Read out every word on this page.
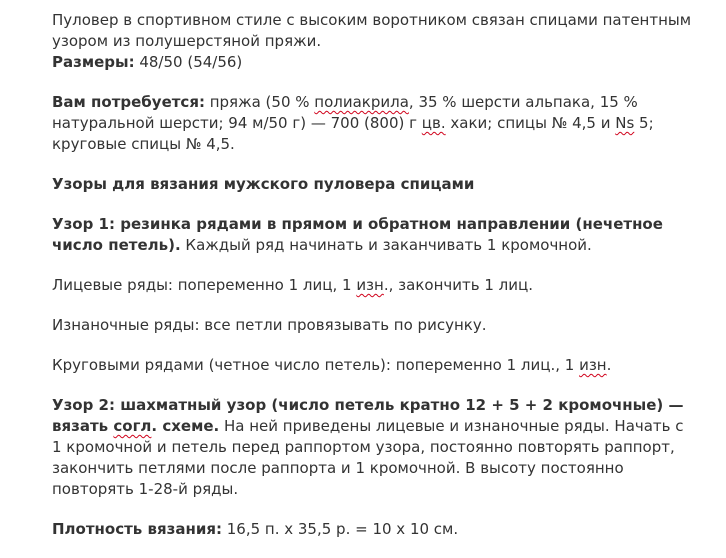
Пуловер в спортивном стиле с высоким воротником связан спицами патентным узором из полушерстяной пряжи.
Размеры: 48/50 (54/56)

Вам потребуется: пряжа (50 % полиакрила, 35 % шерсти альпака, 15 % натуральной шерсти; 94 м/50 г) — 700 (800) г цв. хаки; спицы № 4,5 и Ns 5; круговые спицы № 4,5.

Узоры для вязания мужского пуловера спицами

Узор 1: резинка рядами в прямом и обратном направлении (нечетное число петель). Каждый ряд начинать и заканчивать 1 кромочной.

Лицевые ряды: попеременно 1 лиц, 1 изн., закончить 1 лиц.

Изнаночные ряды: все петли провязывать по рисунку.

Круговыми рядами (четное число петель): попеременно 1 лиц., 1 изн.

Узор 2: шахматный узор (число петель кратно 12 + 5 + 2 кромочные) — вязать согл. схеме. На ней приведены лицевые и изнаночные ряды. Начать с 1 кромочной и петель перед раппортом узора, постоянно повторять раппорт, закончить петлями после раппорта и 1 кромочной. В высоту постоянно повторять 1-28-й ряды.

Плотность вязания: 16,5 п. х 35,5 р. = 10 х 10 см.
